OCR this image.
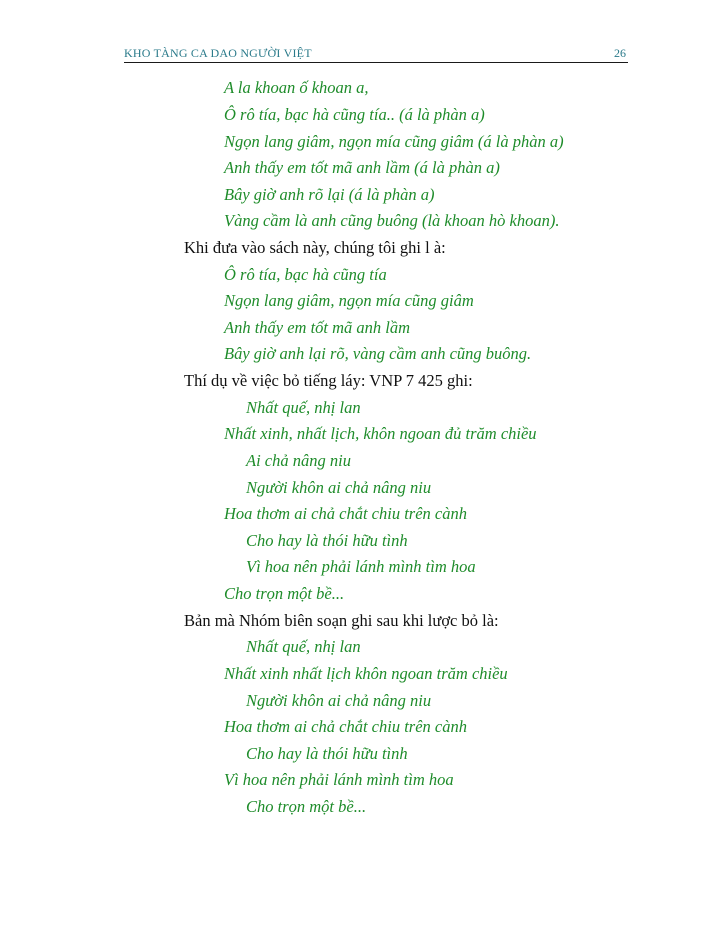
KHO TÀNG CA DAO NGƯỜI VIỆT	26
A la khoan ố khoan a,
Ô rô tía, bạc hà cũng tía.. (á là phàn a)
Ngọn lang giâm, ngọn mía cũng giâm (á là phàn a)
Anh thấy em tốt mã anh lầm (á là phàn a)
Bây giờ anh rõ lại (á là phàn a)
Vàng cầm là anh cũng buông (là khoan hò khoan).
Khi đưa vào sách này, chúng tôi ghi l à:
Ô rô tía, bạc hà cũng tía
Ngọn lang giâm, ngọn mía cũng giâm
Anh thấy em tốt mã anh lầm
Bây giờ anh lại rõ, vàng cầm anh cũng buông.
Thí dụ về việc bỏ tiếng láy: VNP 7 425 ghi:
Nhất quế, nhị lan
Nhất xinh, nhất lịch, khôn ngoan đủ trăm chiều
Ai chả nâng niu
Người khôn ai chả nâng niu
Hoa thơm ai chả chắt chiu trên cành
Cho hay là thói hữu tình
Vì hoa nên phải lánh mình tìm hoa
Cho trọn một bề...
Bản mà Nhóm biên soạn ghi sau khi lược bỏ là:
Nhất quế, nhị lan
Nhất xinh nhất lịch khôn ngoan trăm chiều
Người khôn ai chả nâng niu
Hoa thơm ai chả chắt chiu trên cành
Cho hay là thói hữu tình
Vì hoa nên phải lánh mình tìm hoa
Cho trọn một bề...
